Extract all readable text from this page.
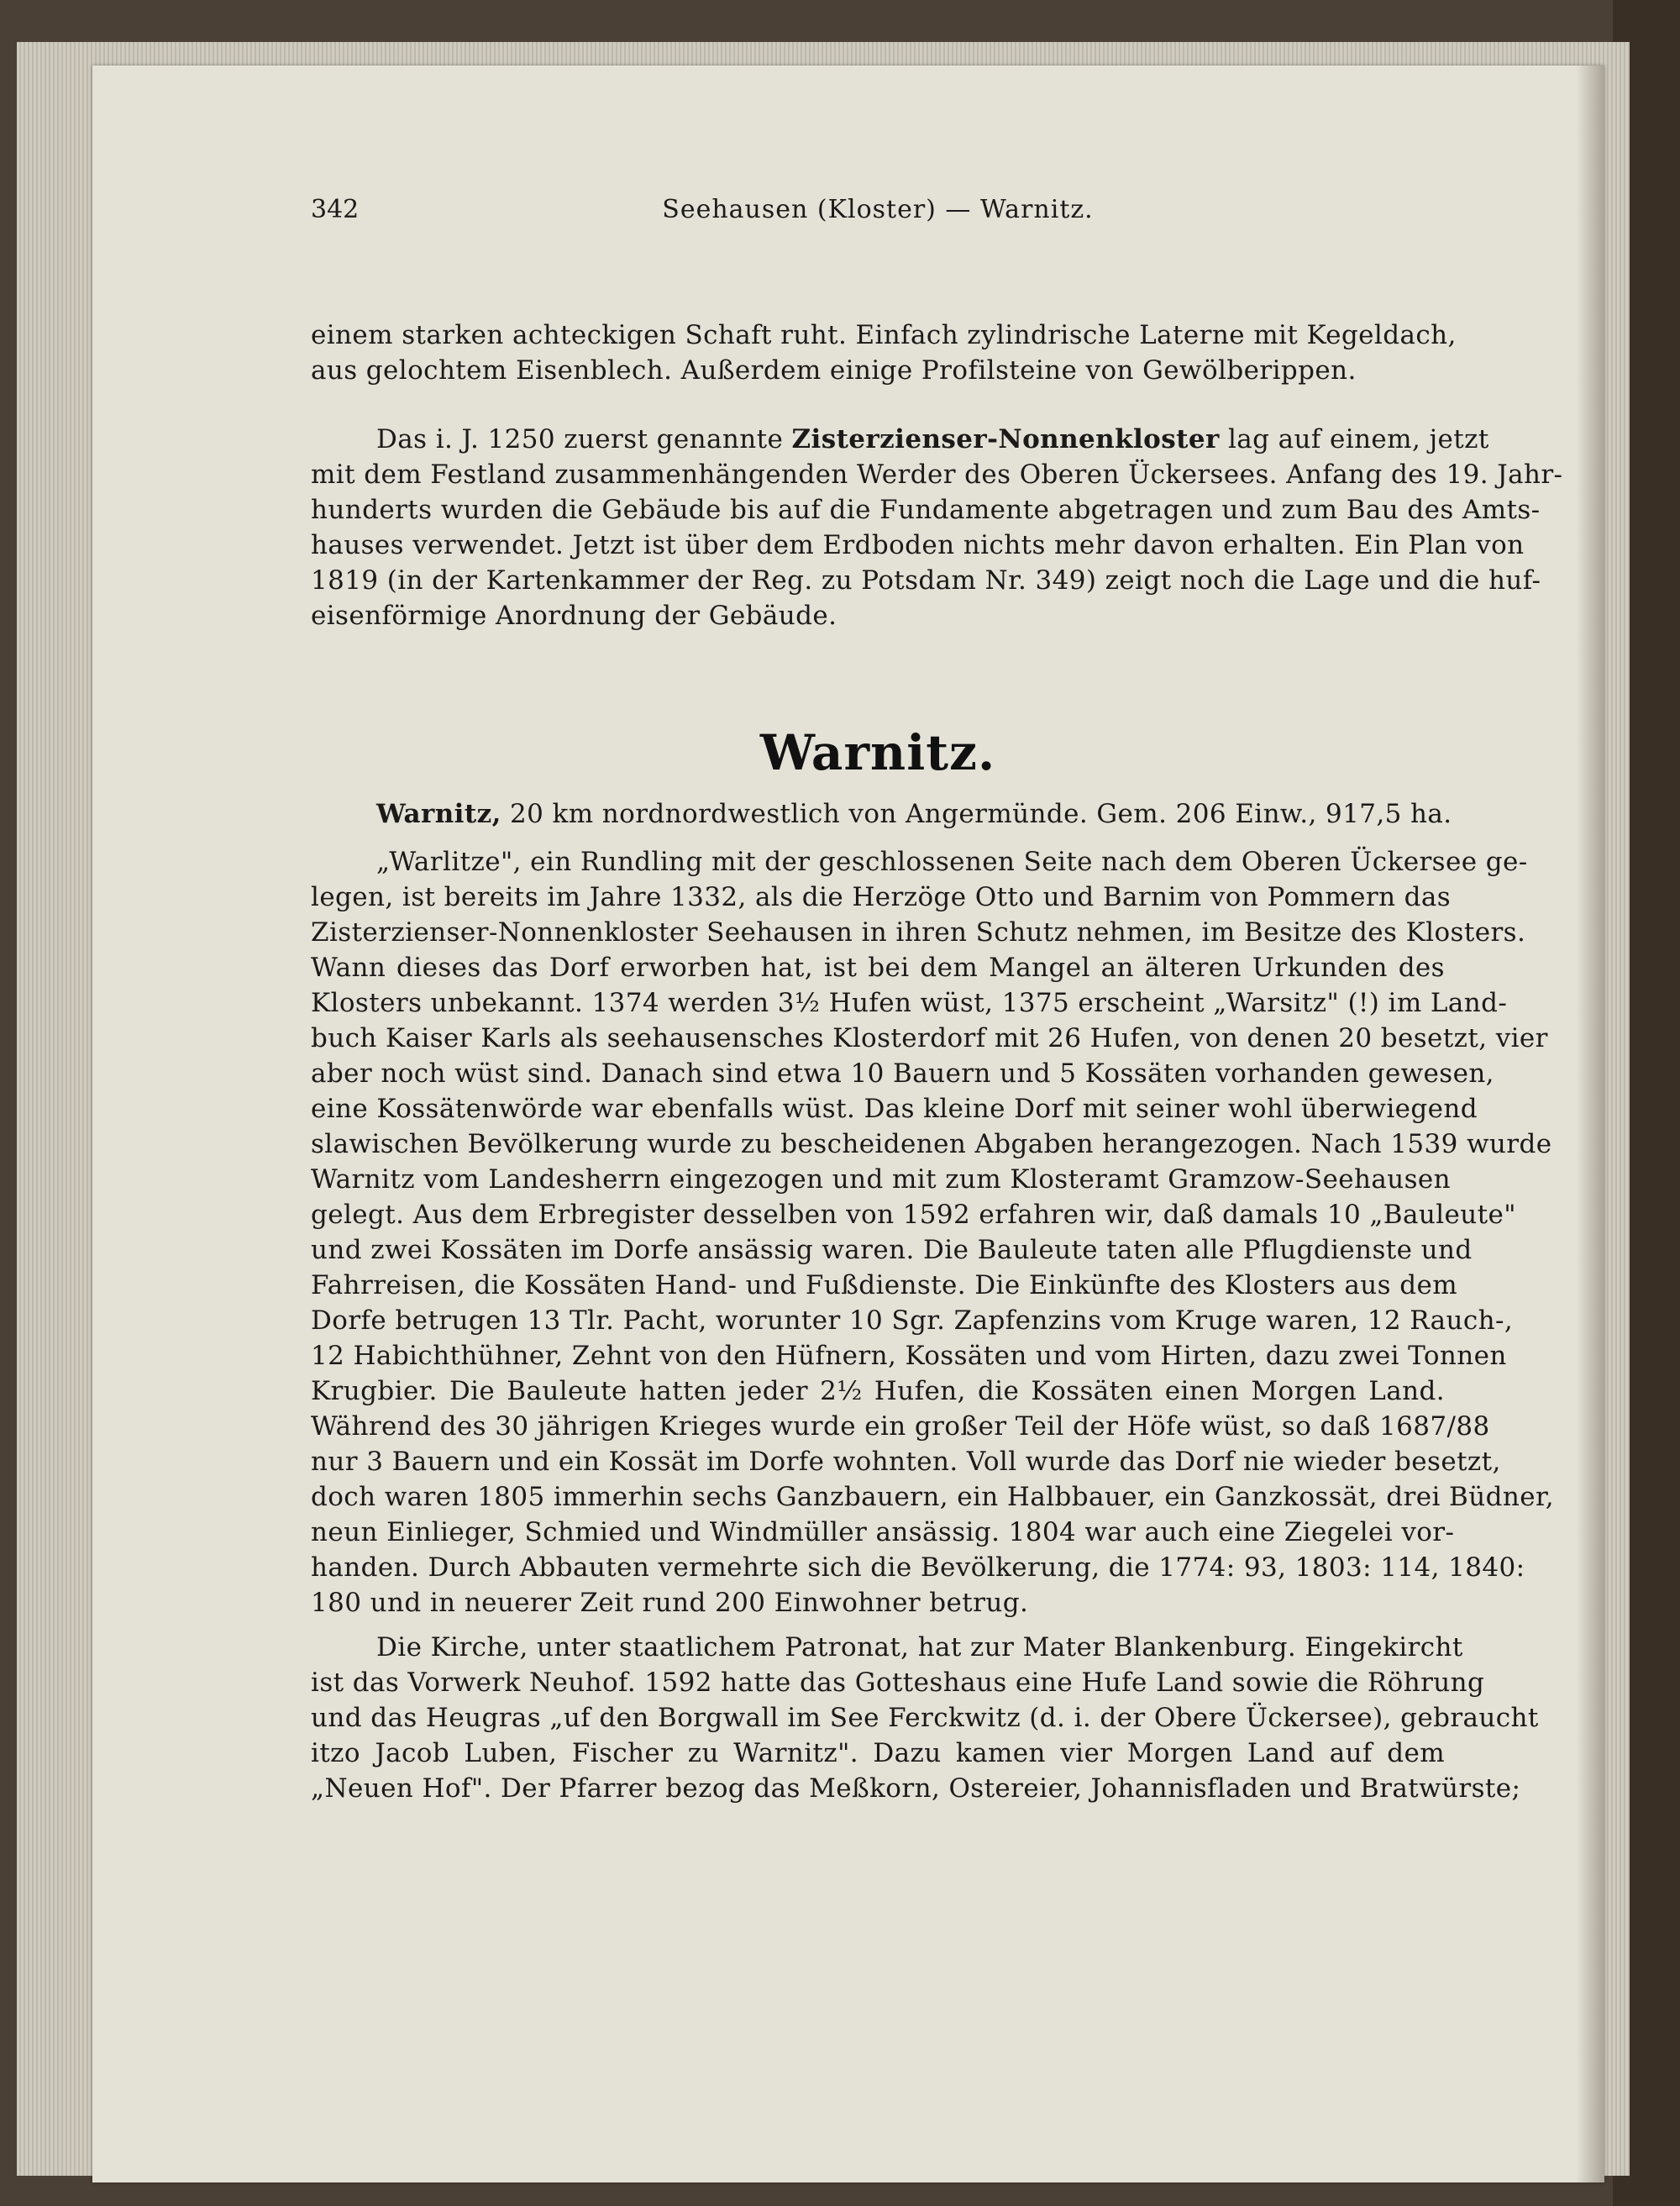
342	Seehausen (Kloster) — Warnitz.
einem starken achteckigen Schaft ruht. Einfach zylindrische Laterne mit Kegeldach,
aus gelochtem Eisenblech. Außerdem einige Profilsteine von Gewölberippen.
Das i. J. 1250 zuerst genannte Zisterzienser-Nonnenkloster lag auf einem, jetzt
mit dem Festland zusammenhängenden Werder des Oberen Ückersees. Anfang des 19. Jahr-
hunderts wurden die Gebäude bis auf die Fundamente abgetragen und zum Bau des Amts-
hauses verwendet. Jetzt ist über dem Erdboden nichts mehr davon erhalten. Ein Plan von
1819 (in der Kartenkammer der Reg. zu Potsdam Nr. 349) zeigt noch die Lage und die huf-
eisenförmige Anordnung der Gebäude.
Warnitz.
Warnitz, 20 km nordnordwestlich von Angermünde. Gem. 206 Einw., 917,5 ha.
„Warlitze", ein Rundling mit der geschlossenen Seite nach dem Oberen Ückersee ge-
legen, ist bereits im Jahre 1332, als die Herzöge Otto und Barnim von Pommern das
Zisterzienser-Nonnenkloster Seehausen in ihren Schutz nehmen, im Besitze des Klosters.
Wann dieses das Dorf erworben hat, ist bei dem Mangel an älteren Urkunden des
Klosters unbekannt. 1374 werden 3½ Hufen wüst, 1375 erscheint „Warsitz" (!) im Land-
buch Kaiser Karls als seehausensches Klosterdorf mit 26 Hufen, von denen 20 besetzt, vier
aber noch wüst sind. Danach sind etwa 10 Bauern und 5 Kossäten vorhanden gewesen,
eine Kossätenwörde war ebenfalls wüst. Das kleine Dorf mit seiner wohl überwiegend
slawischen Bevölkerung wurde zu bescheidenen Abgaben herangezogen. Nach 1539 wurde
Warnitz vom Landesherrn eingezogen und mit zum Klosteramt Gramzow-Seehausen
gelegt. Aus dem Erbregister desselben von 1592 erfahren wir, daß damals 10 „Bauleute"
und zwei Kossäten im Dorfe ansässig waren. Die Bauleute taten alle Pflugdienste und
Fahrreisen, die Kossäten Hand- und Fußdienste. Die Einkünfte des Klosters aus dem
Dorfe betrugen 13 Tlr. Pacht, worunter 10 Sgr. Zapfenzins vom Kruge waren, 12 Rauch-,
12 Habichthühner, Zehnt von den Hüfnern, Kossäten und vom Hirten, dazu zwei Tonnen
Krugbier. Die Bauleute hatten jeder 2½ Hufen, die Kossäten einen Morgen Land.
Während des 30 jährigen Krieges wurde ein großer Teil der Höfe wüst, so daß 1687/88
nur 3 Bauern und ein Kossät im Dorfe wohnten. Voll wurde das Dorf nie wieder besetzt,
doch waren 1805 immerhin sechs Ganzbauern, ein Halbbauer, ein Ganzkossät, drei Büdner,
neun Einlieger, Schmied und Windmüller ansässig. 1804 war auch eine Ziegelei vor-
handen. Durch Abbauten vermehrte sich die Bevölkerung, die 1774: 93, 1803: 114, 1840:
180 und in neuerer Zeit rund 200 Einwohner betrug.
Die Kirche, unter staatlichem Patronat, hat zur Mater Blankenburg. Eingekircht
ist das Vorwerk Neuhof. 1592 hatte das Gotteshaus eine Hufe Land sowie die Röhrung
und das Heugras „uf den Borgwall im See Ferckwitz (d. i. der Obere Ückersee), gebraucht
itzo Jacob Luben, Fischer zu Warnitz". Dazu kamen vier Morgen Land auf dem
„Neuen Hof". Der Pfarrer bezog das Meßkorn, Ostereier, Johannisfladen und Bratwürste;
